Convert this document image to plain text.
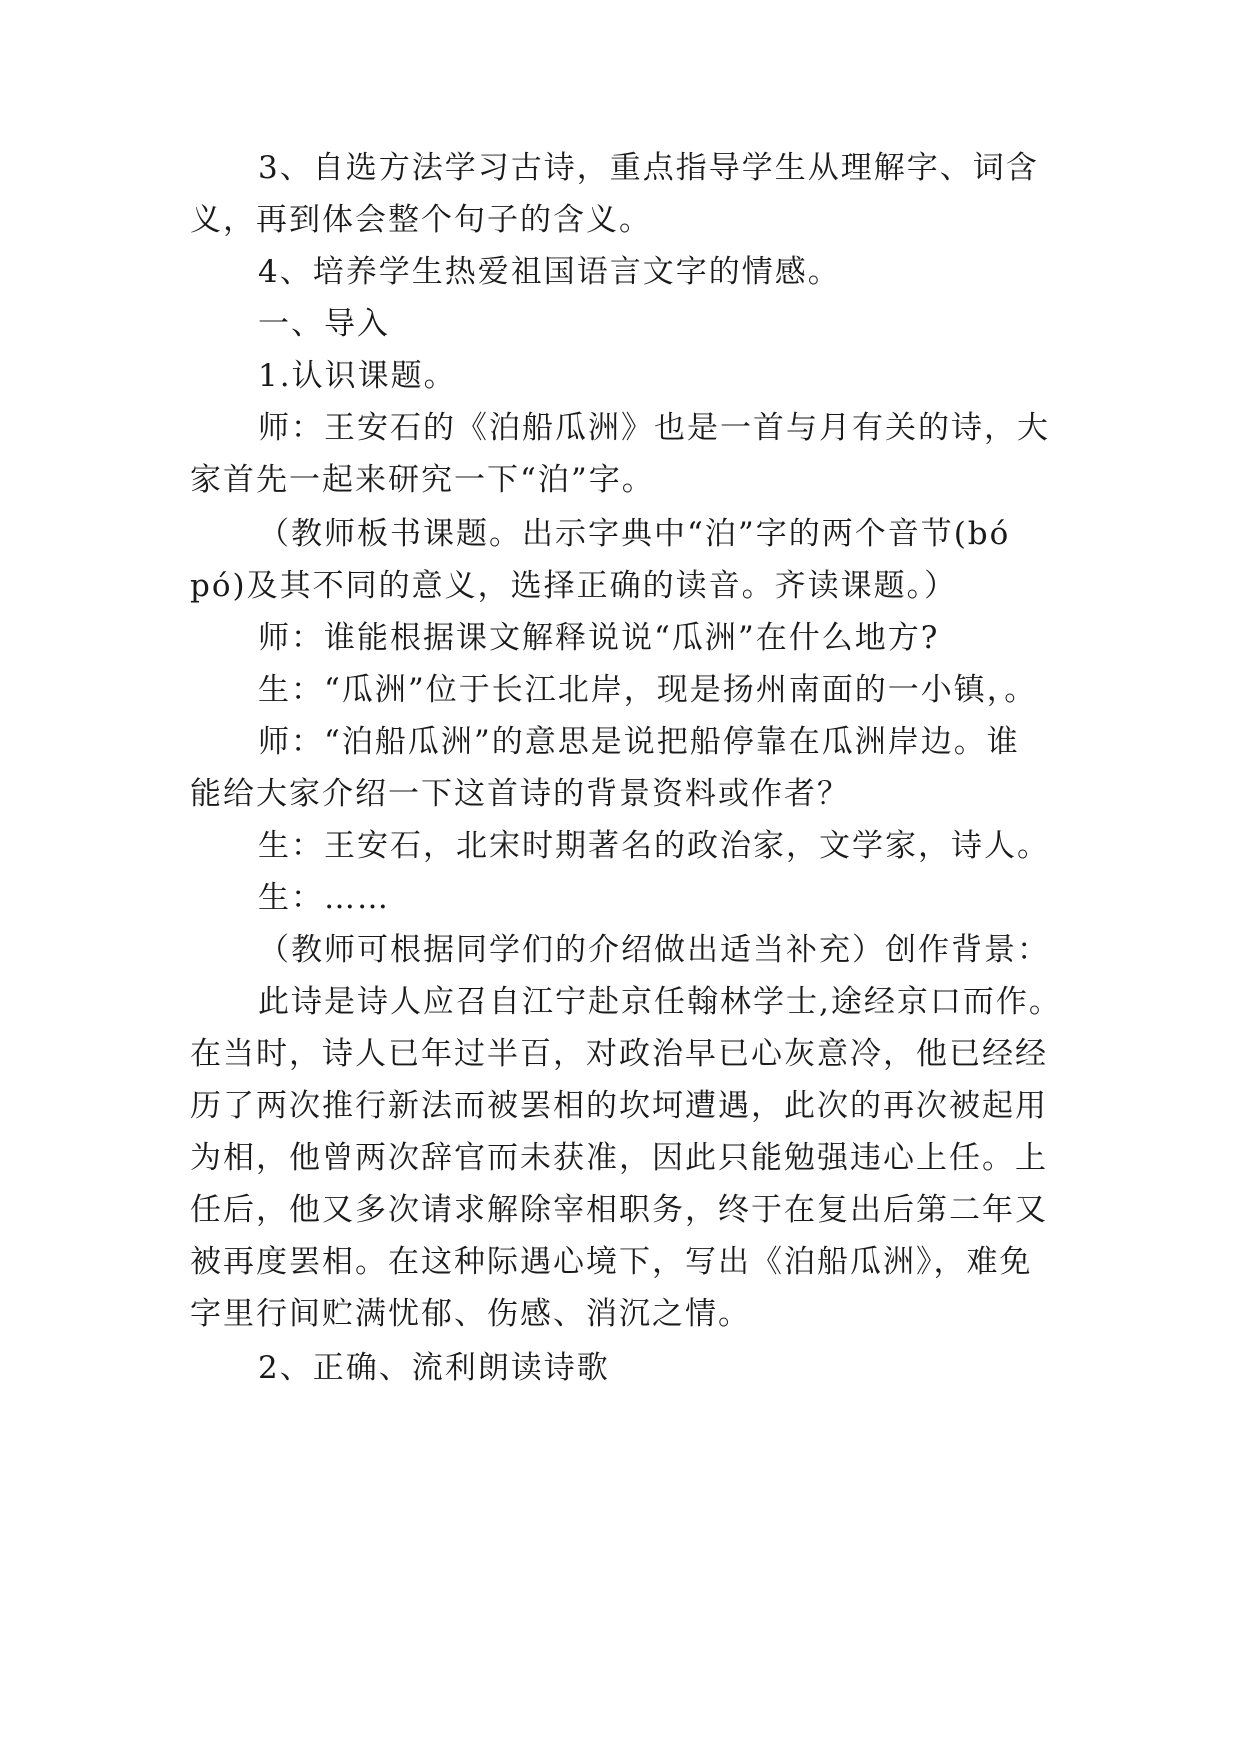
3、自选方法学习古诗，重点指导学生从理解字、词含
义，再到体会整个句子的含义。
4、培养学生热爱祖国语言文字的情感。
一、导入
1.认识课题。
师：王安石的《泊船瓜洲》也是一首与月有关的诗，大
家首先一起来研究一下“泊”字。
（教师板书课题。出示字典中“泊”字的两个音节(bó
pó)及其不同的意义，选择正确的读音。齐读课题。）
师：谁能根据课文解释说说“瓜洲”在什么地方?
生：“瓜洲”位于长江北岸，现是扬州南面的一小镇，。
师：“泊船瓜洲”的意思是说把船停靠在瓜洲岸边。谁
能给大家介绍一下这首诗的背景资料或作者？
生：王安石，北宋时期著名的政治家，文学家，诗人。
生：……
（教师可根据同学们的介绍做出适当补充）创作背景：
此诗是诗人应召自江宁赴京任翰林学士,途经京口而作。
在当时，诗人已年过半百，对政治早已心灰意冷，他已经经
历了两次推行新法而被罢相的坎坷遭遇，此次的再次被起用
为相，他曾两次辞官而未获准，因此只能勉强违心上任。上
任后，他又多次请求解除宰相职务，终于在复出后第二年又
被再度罢相。在这种际遇心境下，写出《泊船瓜洲》，难免
字里行间贮满忧郁、伤感、消沉之情。
2、正确、流利朗读诗歌
